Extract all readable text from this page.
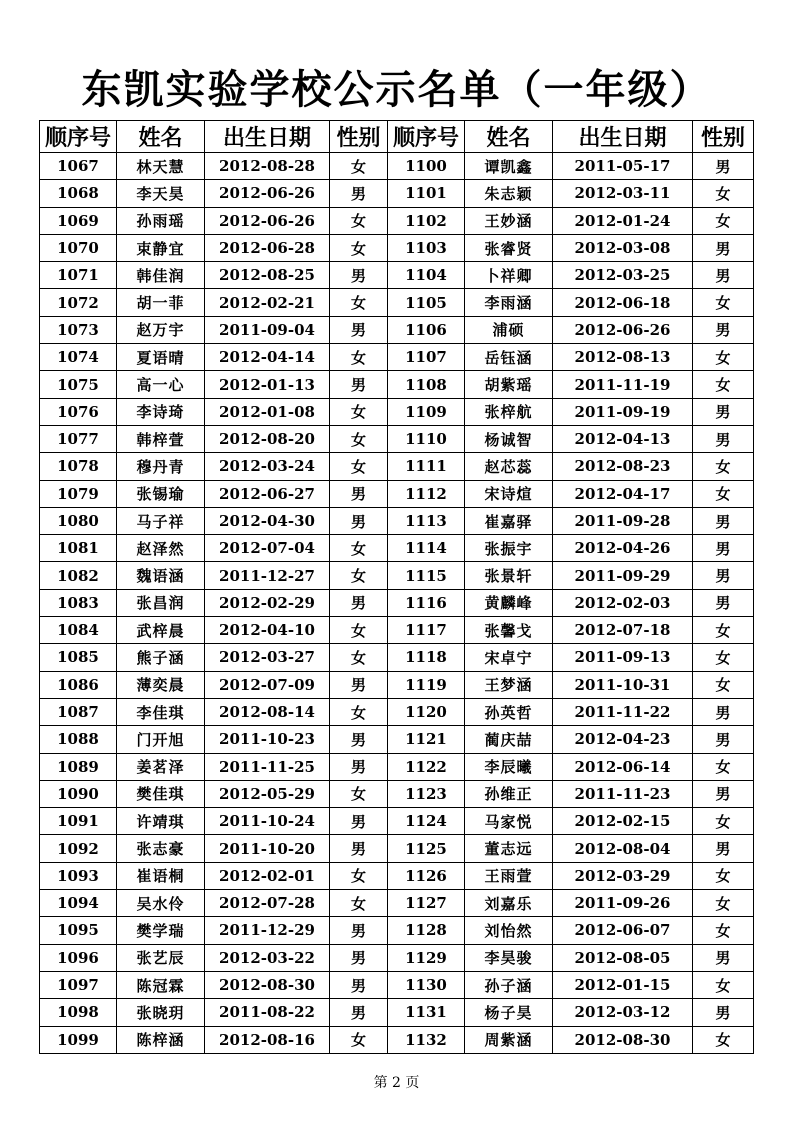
东凯实验学校公示名单（一年级）
顺序号	姓名	出生日期	性别	顺序号	姓名	出生日期	性别
1067	林天慧	2012-08-28	女	1100	谭凯鑫	2011-05-17	男
1068	李天昊	2012-06-26	男	1101	朱志颖	2012-03-11	女
1069	孙雨瑶	2012-06-26	女	1102	王妙涵	2012-01-24	女
1070	束静宜	2012-06-28	女	1103	张睿贤	2012-03-08	男
1071	韩佳润	2012-08-25	男	1104	卜祥卿	2012-03-25	男
1072	胡一菲	2012-02-21	女	1105	李雨涵	2012-06-18	女
1073	赵万宇	2011-09-04	男	1106	浦硕	2012-06-26	男
1074	夏语晴	2012-04-14	女	1107	岳钰涵	2012-08-13	女
1075	高一心	2012-01-13	男	1108	胡紫瑶	2011-11-19	女
1076	李诗琦	2012-01-08	女	1109	张梓航	2011-09-19	男
1077	韩梓萱	2012-08-20	女	1110	杨诚智	2012-04-13	男
1078	穆丹青	2012-03-24	女	1111	赵芯蕊	2012-08-23	女
1079	张锡瑜	2012-06-27	男	1112	宋诗煊	2012-04-17	女
1080	马子祥	2012-04-30	男	1113	崔嘉驿	2011-09-28	男
1081	赵泽然	2012-07-04	女	1114	张振宇	2012-04-26	男
1082	魏语涵	2011-12-27	女	1115	张景轩	2011-09-29	男
1083	张昌润	2012-02-29	男	1116	黄麟峰	2012-02-03	男
1084	武梓晨	2012-04-10	女	1117	张馨戈	2012-07-18	女
1085	熊子涵	2012-03-27	女	1118	宋卓宁	2011-09-13	女
1086	薄奕晨	2012-07-09	男	1119	王梦涵	2011-10-31	女
1087	李佳琪	2012-08-14	女	1120	孙英哲	2011-11-22	男
1088	门开旭	2011-10-23	男	1121	蔺庆喆	2012-04-23	男
1089	姜茗泽	2011-11-25	男	1122	李辰曦	2012-06-14	女
1090	樊佳琪	2012-05-29	女	1123	孙维正	2011-11-23	男
1091	许靖琪	2011-10-24	男	1124	马家悦	2012-02-15	女
1092	张志豪	2011-10-20	男	1125	董志远	2012-08-04	男
1093	崔语桐	2012-02-01	女	1126	王雨萱	2012-03-29	女
1094	吴水伶	2012-07-28	女	1127	刘嘉乐	2011-09-26	女
1095	樊学瑞	2011-12-29	男	1128	刘怡然	2012-06-07	女
1096	张艺辰	2012-03-22	男	1129	李昊骏	2012-08-05	男
1097	陈冠霖	2012-08-30	男	1130	孙子涵	2012-01-15	女
1098	张晓玥	2011-08-22	男	1131	杨子昊	2012-03-12	男
1099	陈梓涵	2012-08-16	女	1132	周紫涵	2012-08-30	女
第 2 页
